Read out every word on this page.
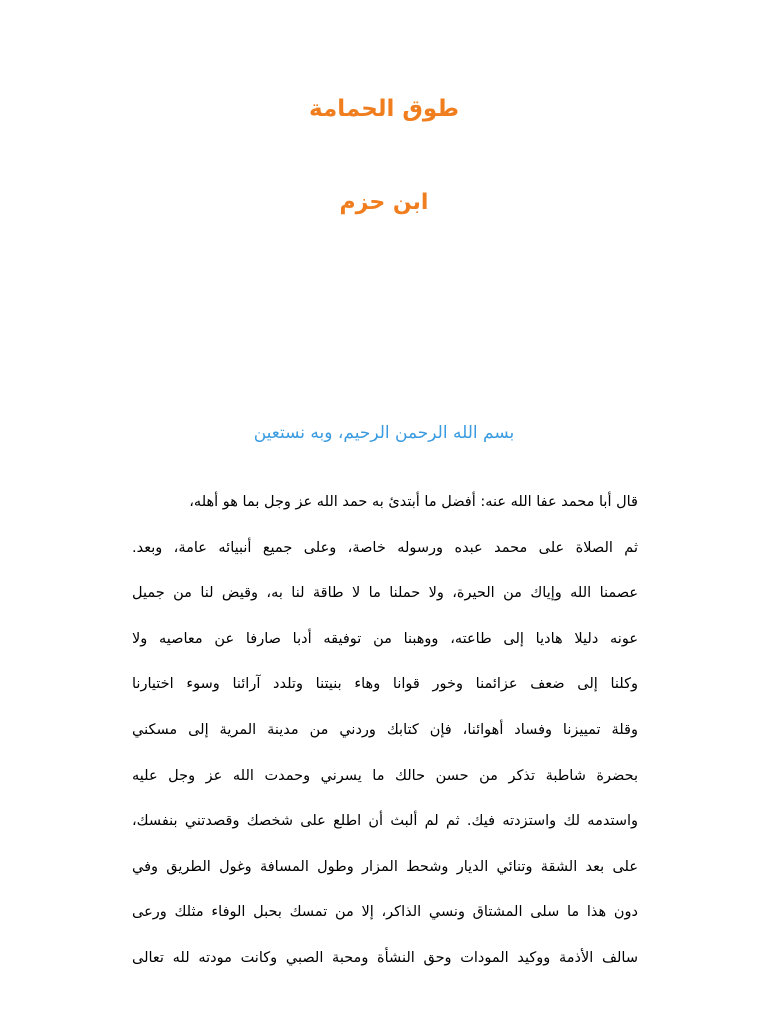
طوق الحمامة
ابن حزم
بسم الله الرحمن الرحيم، وبه نستعين
قال أبا محمد عفا الله عنه: أفضل ما أبتدئ به حمد الله عز وجل بما هو أهله،
ثم الصلاة على محمد عبده ورسوله خاصة، وعلى جميع أنبيائه عامة، وبعد.
عصمنا الله وإياك من الحيرة، ولا حملنا ما لا طاقة لنا به، وقيض لنا من جميل
عونه دليلا هاديا إلى طاعته، ووهبنا من توفيقه أدبا صارفا عن معاصيه ولا
وكلنا إلى ضعف عزائمنا وخور قوانا وهاء بنيتنا وتلدد آرائنا وسوء اختيارنا
وقلة تمييزنا وفساد أهوائنا، فإن كتابك وردني من مدينة المرية إلى مسكني
بحضرة شاطبة تذكر من حسن حالك ما يسرني وحمدت الله عز وجل عليه
واستدمه لك واستزدته فيك. ثم لم ألبث أن اطلع على شخصك وقصدتني بنفسك،
على بعد الشقة وتنائي الديار وشحط المزار وطول المسافة وغول الطريق وفي
دون هذا ما سلى المشتاق ونسي الذاكر، إلا من تمسك بحبل الوفاء مثلك ورعى
سالف الأذمة ووكيد المودات وحق النشأة ومحبة الصبي وكانت مودته لله تعالى
